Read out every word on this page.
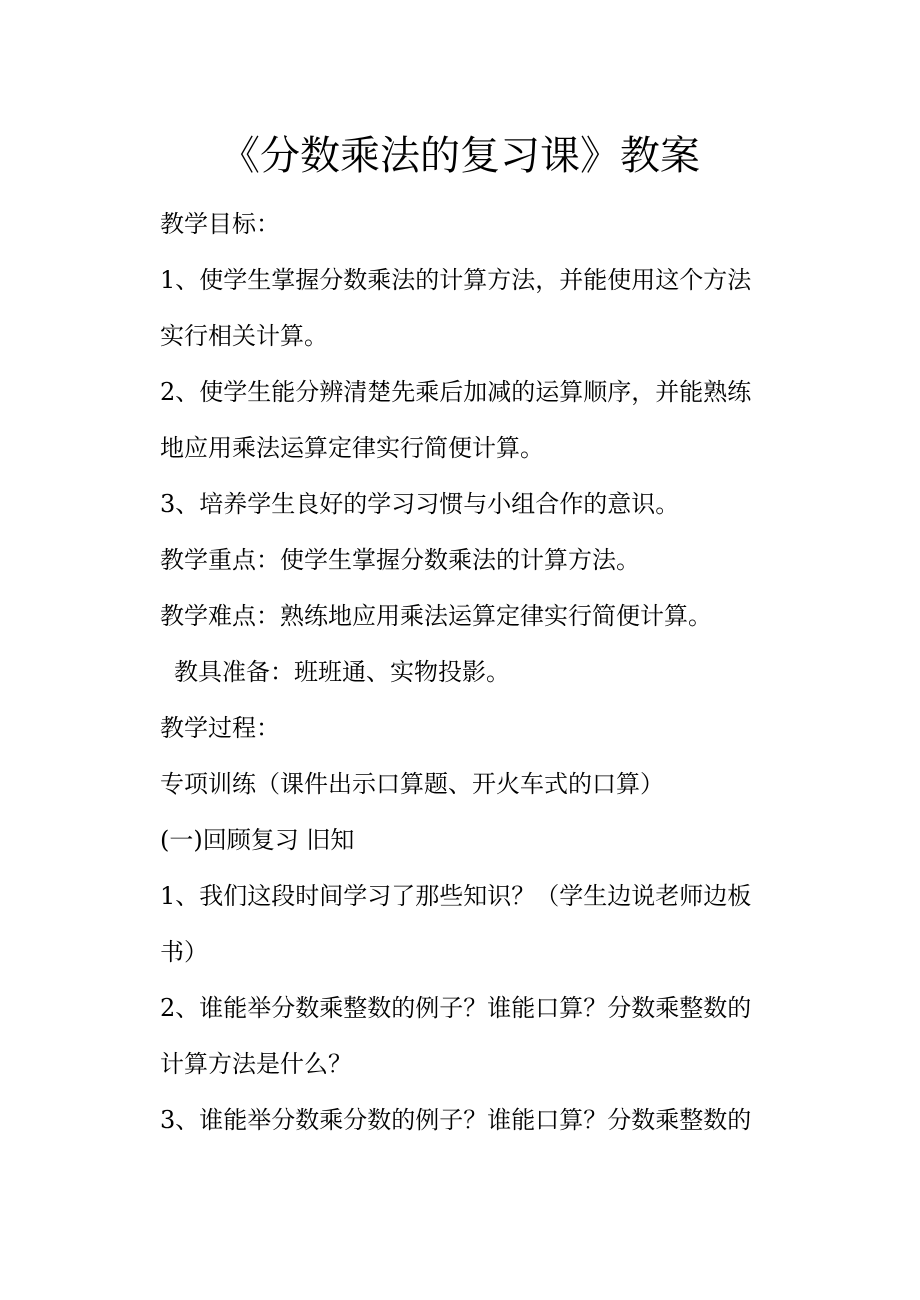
《分数乘法的复习课》教案
教学目标：
1、使学生掌握分数乘法的计算方法，并能使用这个方法
实行相关计算。
2、使学生能分辨清楚先乘后加减的运算顺序，并能熟练
地应用乘法运算定律实行简便计算。
3、培养学生良好的学习习惯与小组合作的意识。
教学重点：使学生掌握分数乘法的计算方法。
教学难点：熟练地应用乘法运算定律实行简便计算。
教具准备：班班通、实物投影。
教学过程：
专项训练（课件出示口算题、开火车式的口算）
(一)回顾复习 旧知
1、我们这段时间学习了那些知识？（学生边说老师边板
书）
2、谁能举分数乘整数的例子？谁能口算？分数乘整数的
计算方法是什么？
3、谁能举分数乘分数的例子？谁能口算？分数乘整数的
